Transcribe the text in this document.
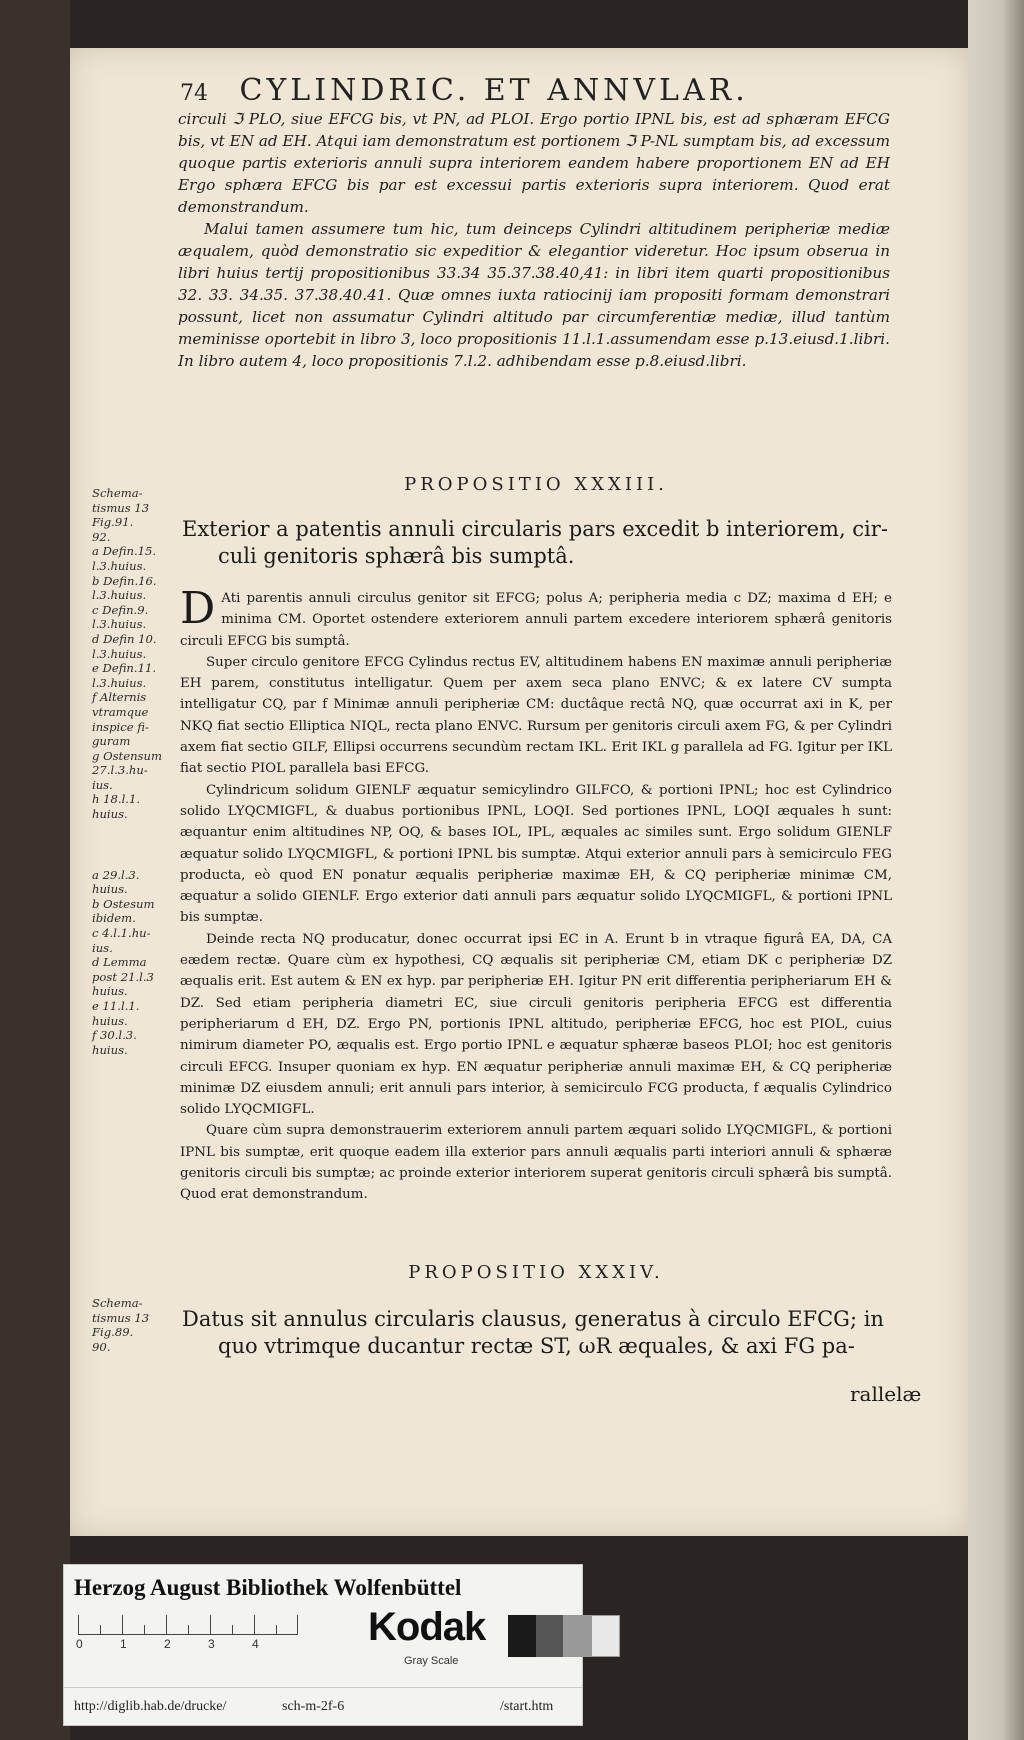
74 CYLINDRIC. ET ANNVLAR.

circuli ℑ PLO, siue EFCG bis, vt PN, ad PLOI. Ergo portio IPNL bis, est ad sphæram EFCG bis, vt EN ad EH. Atqui iam demonstratum est portionem ℑ P-NL sumptam bis, ad excessum quoque partis exterioris annuli supra interiorem eandem habere proportionem EN ad EH Ergo sphæra EFCG bis par est excessui partis exterioris supra interiorem. Quod erat demonstrandum.

Malui tamen assumere tum hic, tum deinceps Cylindri altitudinem peripheriæ mediæ æqualem, quòd demonstratio sic expeditior & elegantior videretur. Hoc ipsum obserua in libri huius tertij propositionibus 33.34 35.37.38.40,41: in libri item quarti propositionibus 32. 33. 34.35. 37.38.40.41. Quæ omnes iuxta ratiocinij iam propositi formam demonstrari possunt, licet non assumatur Cylindri altitudo par circumferentiæ mediæ, illud tantùm meminisse oportebit in libro 3, loco propositionis 11.l.1.assumendam esse p.13.eiusd.1.libri. In libro autem 4, loco propositionis 7.l.2. adhibendam esse p.8.eiusd.libri.

PROPOSITIO XXXIII.
Schema-
tismus 13
Fig.91.
92.
a Defin.15.
l.3.huius.
b Defin.16.
l.3.huius.
c Defin.9.
l.3.huius.
d Defin 10.
l.3.huius.
e Defin.11.
l.3.huius.
f Alternis
vtramque
inspice fi-
guram
g Ostensum
27.l.3.hu-
ius.
h 18.l.1.
huius.
a 29.l.3.
huius.
b Ostesum
ibidem.
c 4.l.1.hu-
ius.
d Lemma
post 21.l.3
huius.
e 11.l.1.
huius.
f 30.l.3.
huius.
Exterior a patentis annuli circularis pars excedit b interiorem, cir-
culi genitoris sphærâ bis sumptâ.

D Ati parentis annuli circulus genitor sit EFCG; polus A; peripheria media c DZ; maxima d EH; e minima CM. Oportet ostendere exteriorem annuli partem excedere interiorem sphærâ genitoris circuli EFCG bis sumptâ.

Super circulo genitore EFCG Cylindus rectus EV, altitudinem habens EN maximæ annuli peripheriæ EH parem, constitutus intelligatur. Quem per axem seca plano ENVC; & ex latere CV sumpta intelligatur CQ, par f Minimæ annuli peripheriæ CM: ductâque rectâ NQ, quæ occurrat axi in K, per NKQ fiat sectio Elliptica NIQL, recta plano ENVC. Rursum per genitoris circuli axem FG, & per Cylindri axem fiat sectio GILF, Ellipsi occurrens secundùm rectam IKL. Erit IKL g parallela ad FG. Igitur per IKL fiat sectio PIOL parallela basi EFCG.

Cylindricum solidum GIENLF æquatur semicylindro GILFCO, & portioni IPNL; hoc est Cylindrico solido LYQCMIGFL, & duabus portionibus IPNL, LOQI. Sed portiones IPNL, LOQI æquales h sunt: æquantur enim altitudines NP, OQ, & bases IOL, IPL, æquales ac similes sunt. Ergo solidum GIENLF æquatur solido LYQCMIGFL, & portioni IPNL bis sumptæ. Atqui exterior annuli pars à semicirculo FEG producta, eò quod EN ponatur æqualis peripheriæ maximæ EH, & CQ peripheriæ minimæ CM, æquatur a solido GIENLF. Ergo exterior dati annuli pars æquatur solido LYQCMIGFL, & portioni IPNL bis sumptæ.

Deinde recta NQ producatur, donec occurrat ipsi EC in A. Erunt b in vtraque figurâ EA, DA, CA eædem rectæ. Quare cùm ex hypothesi, CQ æqualis sit peripheriæ CM, etiam DK c peripheriæ DZ æqualis erit. Est autem & EN ex hyp. par peripheriæ EH. Igitur PN erit differentia peripheriarum EH & DZ. Sed etiam peripheria diametri EC, siue circuli genitoris peripheria EFCG est differentia peripheriarum d EH, DZ. Ergo PN, portionis IPNL altitudo, peripheriæ EFCG, hoc est PIOL, cuius nimirum diameter PO, æqualis est. Ergo portio IPNL e æquatur sphæræ baseos PLOI; hoc est genitoris circuli EFCG. Insuper quoniam ex hyp. EN æquatur peripheriæ annuli maximæ EH, & CQ peripheriæ minimæ DZ eiusdem annuli; erit annuli pars interior, à semicirculo FCG producta, f æqualis Cylindrico solido LYQCMIGFL.

Quare cùm supra demonstrauerim exteriorem annuli partem æquari solido LYQCMIGFL, & portioni IPNL bis sumptæ, erit quoque eadem illa exterior pars annuli æqualis parti interiori annuli & sphæræ genitoris circuli bis sumptæ; ac proinde exterior interiorem superat genitoris circuli sphærâ bis sumptâ. Quod erat demonstrandum.

PROPOSITIO XXXIV.
Schema-
tismus 13
Fig.89.
90.
Datus sit annulus circularis clausus, generatus à circulo EFCG; in
quo vtrimque ducantur rectæ ST, ωR æquales, & axi FG pa-
rallelæ
Herzog August Bibliothek Wolfenbüttel
0	1	2	3	4	Kodak
Gray Scale
http://diglib.hab.de/drucke/	sch-m-2f-6	/start.htm
